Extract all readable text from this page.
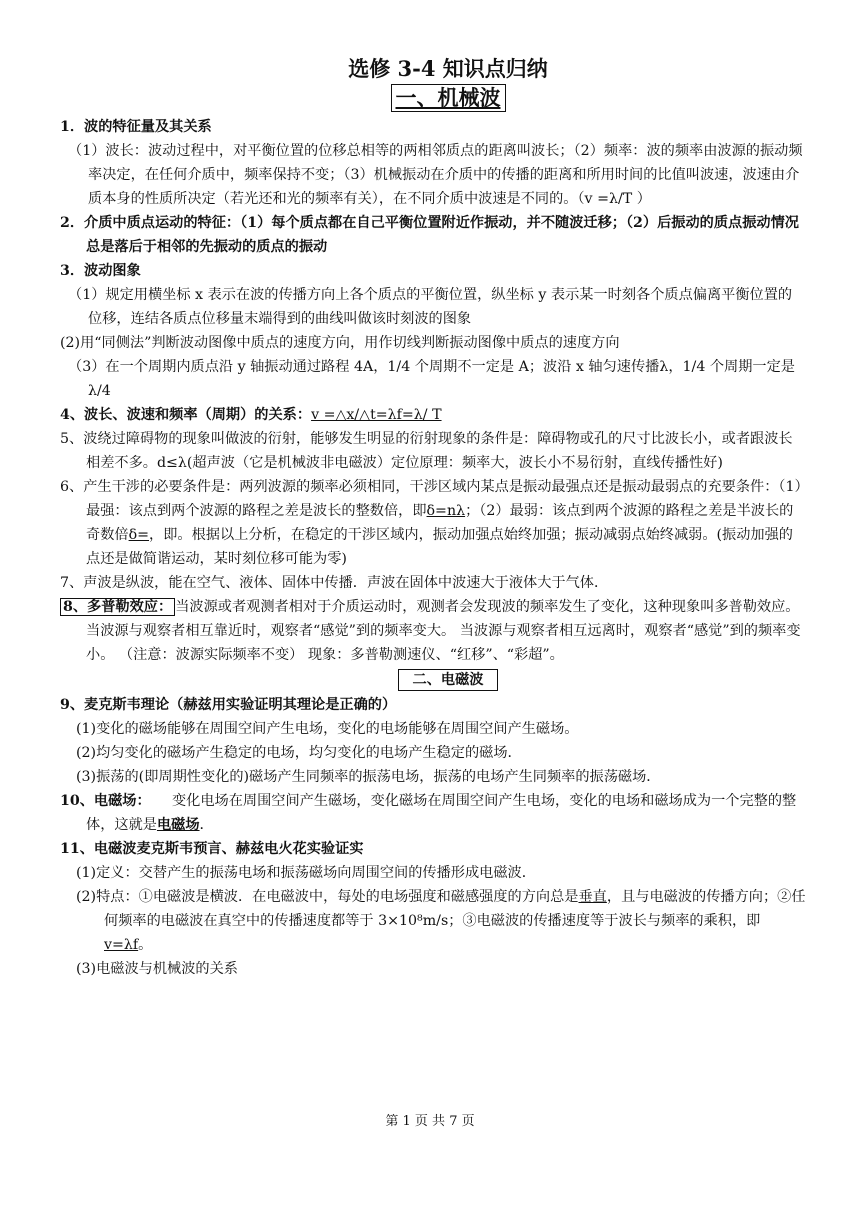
选修 3-4 知识点归纳
一、机械波

1．波的特征量及其关系

（1）波长：波动过程中，对平衡位置的位移总相等的两相邻质点的距离叫波长；（2）频率：波的频率由波源的振动频率决定，在任何介质中，频率保持不变；（3）机械振动在介质中的传播的距离和所用时间的比值叫波速，波速由介质本身的性质所决定（若光还和光的频率有关），在不同介质中波速是不同的。（v =λ/T ）

2．介质中质点运动的特征：（1）每个质点都在自己平衡位置附近作振动，并不随波迁移；（2）后振动的质点振动情况总是落后于相邻的先振动的质点的振动

3．波动图象

（1）规定用横坐标 x 表示在波的传播方向上各个质点的平衡位置，纵坐标 y 表示某一时刻各个质点偏离平衡位置的位移，连结各质点位移量末端得到的曲线叫做该时刻波的图象

(2)用“同侧法”判断波动图像中质点的速度方向，用作切线判断振动图像中质点的速度方向

（3）在一个周期内质点沿 y 轴振动通过路程 4A，1/4 个周期不一定是 A；波沿 x 轴匀速传播λ，1/4 个周期一定是λ/4

4、波长、波速和频率（周期）的关系：v =△x/△t=λf=λ/ T

5、波绕过障碍物的现象叫做波的衍射，能够发生明显的衍射现象的条件是：障碍物或孔的尺寸比波长小，或者跟波长相差不多。d≤λ(超声波（它是机械波非电磁波）定位原理：频率大，波长小不易衍射，直线传播性好)

6、产生干涉的必要条件是：两列波源的频率必须相同，干涉区域内某点是振动最强点还是振动最弱点的充要条件：（1）最强：该点到两个波源的路程之差是波长的整数倍，即δ=nλ；（2）最弱：该点到两个波源的路程之差是半波长的奇数倍δ=，即。根据以上分析，在稳定的干涉区域内，振动加强点始终加强；振动减弱点始终减弱。(振动加强的点还是做简谐运动，某时刻位移可能为零)

7、声波是纵波，能在空气、液体、固体中传播．声波在固体中波速大于液体大于气体．

8、多普勒效应： 当波源或者观测者相对于介质运动时，观测者会发现波的频率发生了变化，这种现象叫多普勒效应。当波源与观察者相互靠近时，观察者“感觉”到的频率变大。 当波源与观察者相互远离时，观察者“感觉”到的频率变小。 （注意：波源实际频率不变） 现象：多普勒测速仪、“红移”、“彩超”。

二、电磁波

9、麦克斯韦理论（赫兹用实验证明其理论是正确的）

(1)变化的磁场能够在周围空间产生电场，变化的电场能够在周围空间产生磁场。

(2)均匀变化的磁场产生稳定的电场，均匀变化的电场产生稳定的磁场．

(3)振荡的(即周期性变化的)磁场产生同频率的振荡电场，振荡的电场产生同频率的振荡磁场．

10、电磁场：　　 变化电场在周围空间产生磁场，变化磁场在周围空间产生电场，变化的电场和磁场成为一个完整的整体，这就是电磁场．

11、电磁波麦克斯韦预言、赫兹电火花实验证实

(1)定义：交替产生的振荡电场和振荡磁场向周围空间的传播形成电磁波．

(2)特点：①电磁波是横波．在电磁波中，每处的电场强度和磁感强度的方向总是垂直，且与电磁波的传播方向；②任何频率的电磁波在真空中的传播速度都等于 3×10⁸m/s；③电磁波的传播速度等于波长与频率的乘积，即v=λf。

(3)电磁波与机械波的关系

第 1 页 共 7 页
